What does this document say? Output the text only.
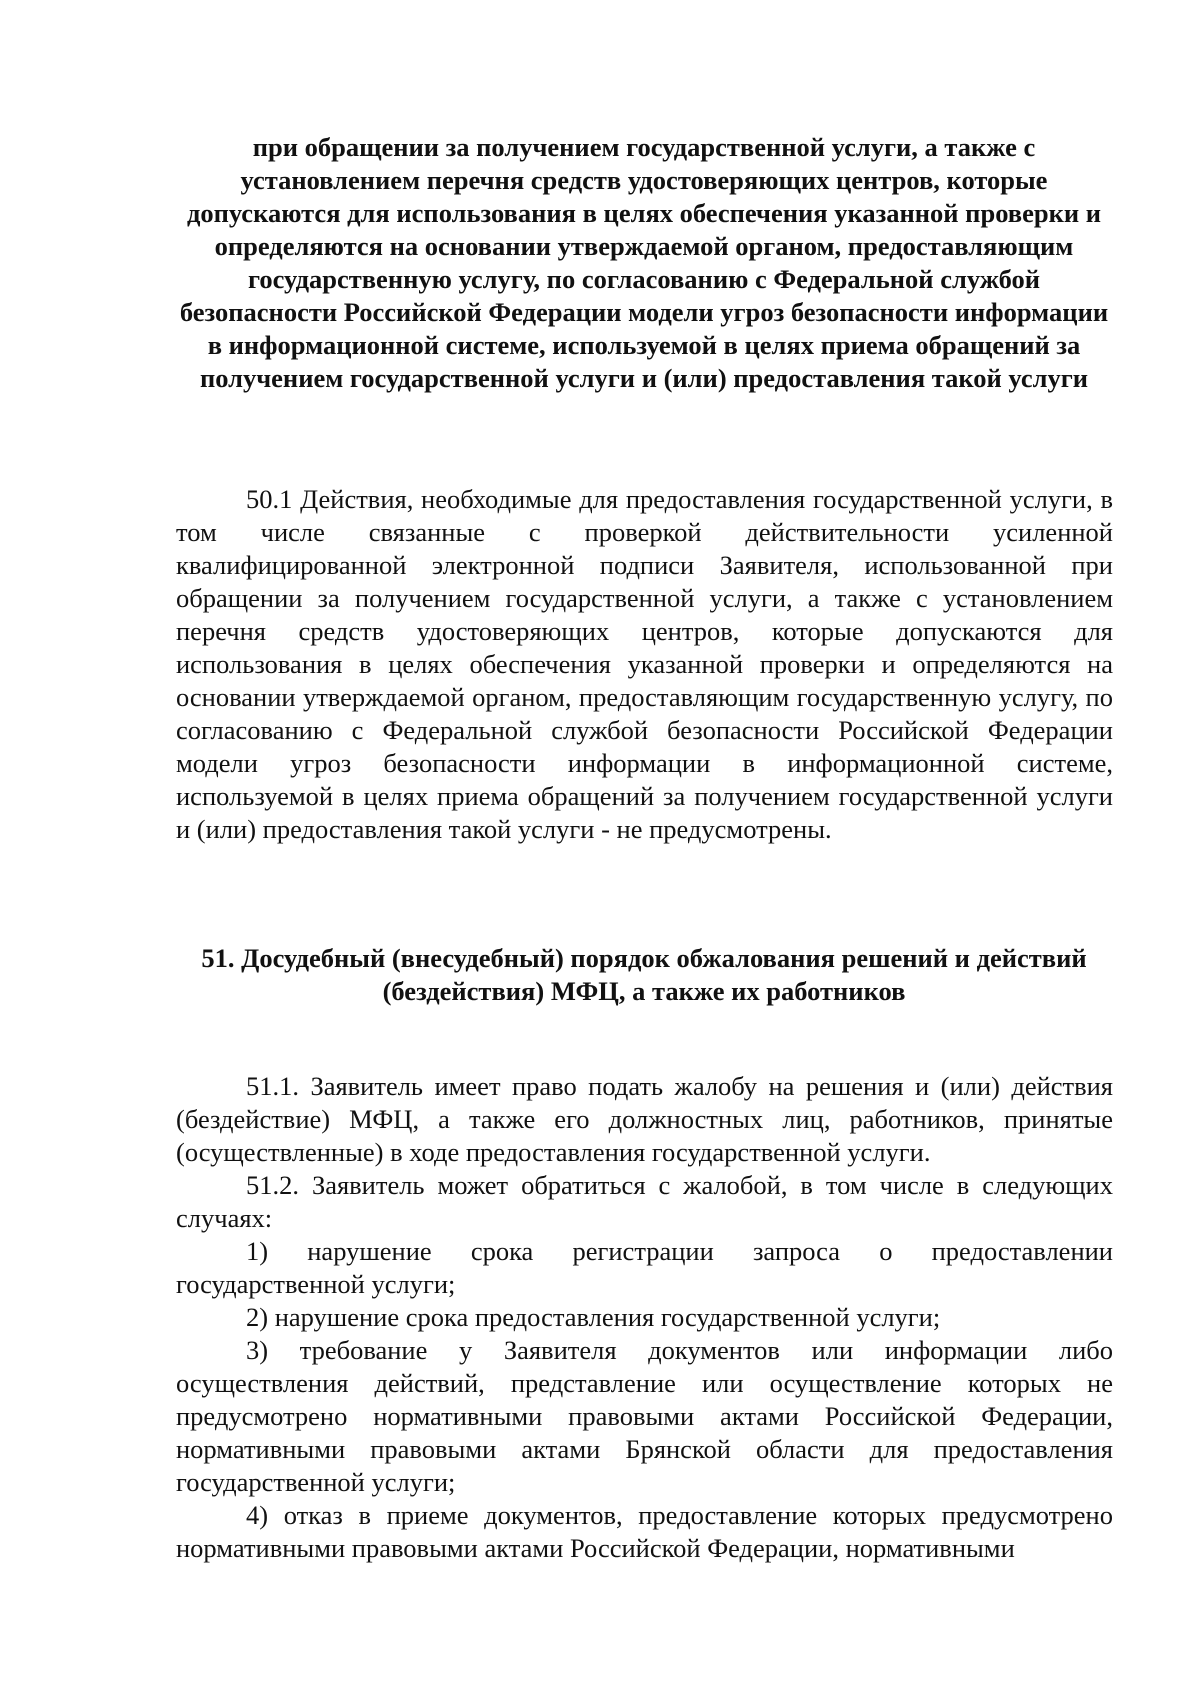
при обращении за получением государственной услуги, а также с установлением перечня средств удостоверяющих центров, которые допускаются для использования в целях обеспечения указанной проверки и определяются на основании утверждаемой органом, предоставляющим государственную услугу, по согласованию с Федеральной службой безопасности Российской Федерации модели угроз безопасности информации в информационной системе, используемой в целях приема обращений за получением государственной услуги и (или) предоставления такой услуги

50.1 Действия, необходимые для предоставления государственной услуги, в том числе связанные с проверкой действительности усиленной квалифицированной электронной подписи Заявителя, использованной при обращении за получением государственной услуги, а также с установлением перечня средств удостоверяющих центров, которые допускаются для использования в целях обеспечения указанной проверки и определяются на основании утверждаемой органом, предоставляющим государственную услугу, по согласованию с Федеральной службой безопасности Российской Федерации модели угроз безопасности информации в информационной системе, используемой в целях приема обращений за получением государственной услуги и (или) предоставления такой услуги - не предусмотрены.

51. Досудебный (внесудебный) порядок обжалования решений и действий (бездействия) МФЦ, а также их работников

51.1. Заявитель имеет право подать жалобу на решения и (или) действия (бездействие) МФЦ, а также его должностных лиц, работников, принятые (осуществленные) в ходе предоставления государственной услуги.

51.2. Заявитель может обратиться с жалобой, в том числе в следующих случаях:

1) нарушение срока регистрации запроса о предоставлении государственной услуги;

2) нарушение срока предоставления государственной услуги;

3) требование у Заявителя документов или информации либо осуществления действий, представление или осуществление которых не предусмотрено нормативными правовыми актами Российской Федерации, нормативными правовыми актами Брянской области для предоставления государственной услуги;

4) отказ в приеме документов, предоставление которых предусмотрено нормативными правовыми актами Российской Федерации, нормативными
